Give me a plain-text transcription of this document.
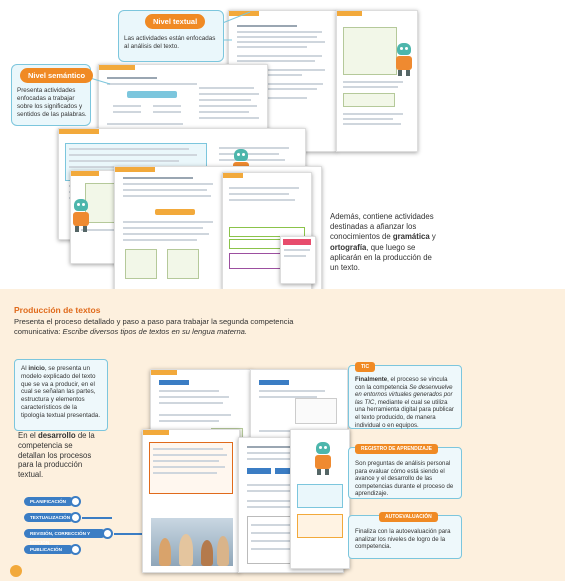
Nivel textual
Las actividades están enfocadas al análisis del texto.
Nivel semántico
Presenta actividades enfocadas a trabajar sobre los significados y sentidos de las palabras.
Además, contiene actividades destinadas a afianzar los conocimientos de gramática y ortografía, que luego se aplicarán en la producción de un texto.
Producción de textos
Presenta el proceso detallado y paso a paso para trabajar la segunda competencia comunicativa: Escribe diversos tipos de textos en su lengua materna.
Al inicio, se presenta un modelo explicado del texto que se va a producir, en el cual se señalan las partes, estructura y elementos característicos de la tipología textual presentada.
En el desarrollo de la competencia se detallan los procesos para la producción textual.
PLANIFICACIÓN
TEXTUALIZACIÓN
REVISIÓN, CORRECCIÓN Y EDICIÓN
PUBLICACIÓN
TIC
Finalmente, el proceso se vincula con la competencia Se desenvuelve en entornos virtuales generados por las TIC, mediante el cual se utiliza una herramienta digital para publicar el texto producido, de manera individual o en equipos.
REGISTRO DE APRENDIZAJE
Son preguntas de análisis personal para evaluar cómo está siendo el avance y el desarrollo de las competencias durante el proceso de aprendizaje.
AUTOEVALUACIÓN
Finaliza con la autoevaluación para analizar los niveles de logro de la competencia.
